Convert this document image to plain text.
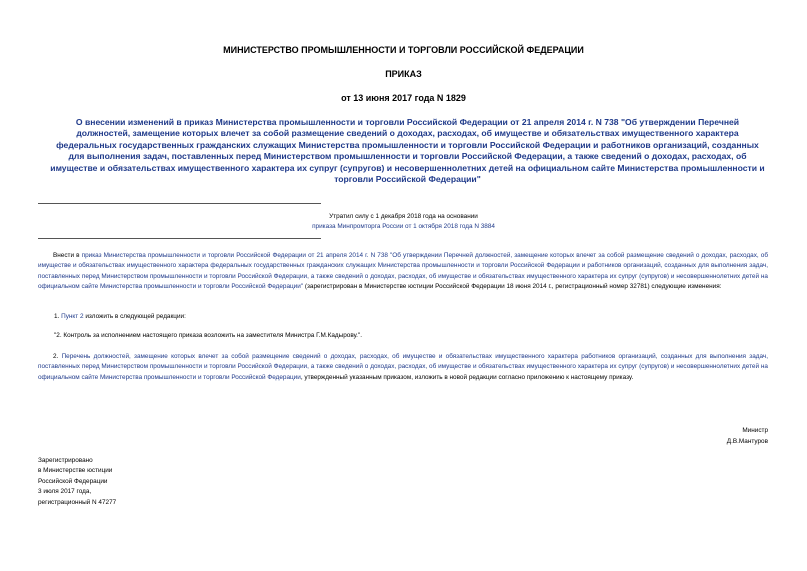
МИНИСТЕРСТВО ПРОМЫШЛЕННОСТИ И ТОРГОВЛИ РОССИЙСКОЙ ФЕДЕРАЦИИ
ПРИКАЗ
от 13 июня 2017 года N 1829
О внесении изменений в приказ Министерства промышленности и торговли Российской Федерации от 21 апреля 2014 г. N 738 "Об утверждении Перечней должностей, замещение которых влечет за собой размещение сведений о доходах, расходах, об имуществе и обязательствах имущественного характера федеральных государственных гражданских служащих Министерства промышленности и торговли Российской Федерации и работников организаций, созданных для выполнения задач, поставленных перед Министерством промышленности и торговли Российской Федерации, а также сведений о доходах, расходах, об имуществе и обязательствах имущественного характера их супруг (супругов) и несовершеннолетних детей на официальном сайте Министерства промышленности и торговли Российской Федерации"
Утратил силу с 1 декабря 2018 года на основании
приказа Минпромторга России от 1 октября 2018 года N 3884
Внести в приказ Министерства промышленности и торговли Российской Федерации от 21 апреля 2014 г. N 738 "Об утверждении Перечней должностей, замещение которых влечет за собой размещение сведений о доходах, расходах, об имуществе и обязательствах имущественного характера федеральных государственных гражданских служащих Министерства промышленности и торговли Российской Федерации и работников организаций, созданных для выполнения задач, поставленных перед Министерством промышленности и торговли Российской Федерации, а также сведений о доходах, расходах, об имуществе и обязательствах имущественного характера их супруг (супругов) и несовершеннолетних детей на официальном сайте Министерства промышленности и торговли Российской Федерации" (зарегистрирован в Министерстве юстиции Российской Федерации 18 июня 2014 г., регистрационный номер 32781) следующие изменения:
1. Пункт 2 изложить в следующей редакции:
"2. Контроль за исполнением настоящего приказа возложить на заместителя Министра Г.М.Кадырову.".
2. Перечень должностей, замещение которых влечет за собой размещение сведений о доходах, расходах, об имуществе и обязательствах имущественного характера работников организаций, созданных для выполнения задач, поставленных перед Министерством промышленности и торговли Российской Федерации, а также сведений о доходах, расходах, об имуществе и обязательствах имущественного характера их супруг (супругов) и несовершеннолетних детей на официальном сайте Министерства промышленности и торговли Российской Федерации, утвержденный указанным приказом, изложить в новой редакции согласно приложению к настоящему приказу.
Министр
Д.В.Мантуров
Зарегистрировано
в Министерстве юстиции
Российской Федерации
3 июля 2017 года,
регистрационный N 47277
